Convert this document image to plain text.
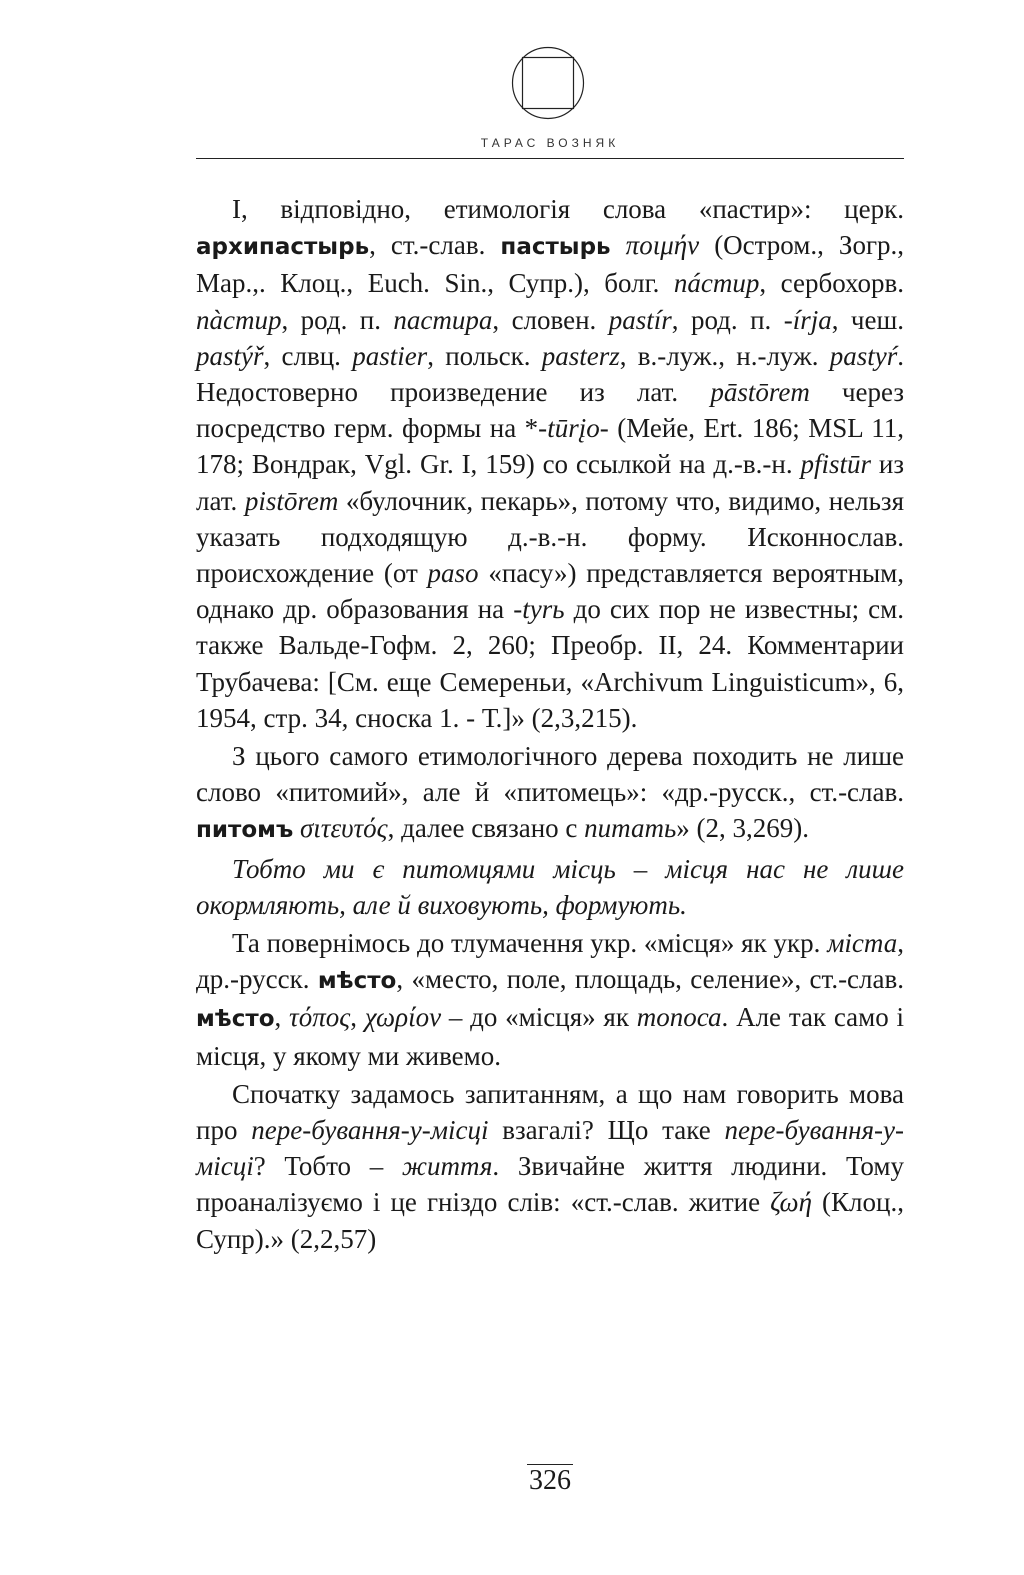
ТАРАС ВОЗНЯК

І, відповідно, етимологія слова «пастир»: церк. архипастырь, ст.-слав. пастырь ποιμήν (Остром., Зогр., Мар.,. Клоц., Euch. Sin., Супр.), болг. пáстир, сербохорв. пàстир, род. п. пастира, словен. pastír, род. п. -írja, чеш. pastýř, слвц. pastier, польск. pasterz, в.-луж., н.-луж. pastyŕ. Недостоверно произведение из лат. pāstōrem через посредство герм. формы на *-tūrįo- (Мейе, Ert. 186; MSL 11, 178; Вондрак, Vgl. Gr. I, 159) со ссылкой на д.-в.-н. pfistūr из лат. pistōrem «булочник, пекарь», потому что, видимо, нельзя указать подходящую д.-в.-н. форму. Исконнослав. происхождение (от paso «пасу») представляется вероятным, однако др. образования на -tyrь до сих пор не известны; см. также Вальде-Гофм. 2, 260; Преобр. II, 24. Комментарии Трубачева: [См. еще Семереньи, «Archivum Linguisticum», 6, 1954, стр. 34, сноска 1. - Т.]» (2,3,215).

З цього самого етимологічного дерева походить не лише слово «питомий», але й «питомець»: «др.-русск., ст.-слав. питомъ σιτευτός, далее связано с питать» (2, 3,269).

Тобто ми є питомцями місць – місця нас не лише окормляють, але й виховують, формують.

Та повернімось до тлумачення укр. «місця» як укр. міста, др.-русск. мѣсто, «место, поле, площадь, селение», ст.-слав. мѣсто, τόπος, χωρίον – до «місця» як топоса. Але так само і місця, у якому ми живемо.

Спочатку задамось запитанням, а що нам говорить мова про пере-бування-у-місці взагалі? Що таке пере-бування-у-місці? Тобто – життя. Звичайне життя людини. Тому проаналізуємо і це гніздо слів: «ст.-слав. житие ζωή (Клоц., Супр).» (2,2,57)

326
